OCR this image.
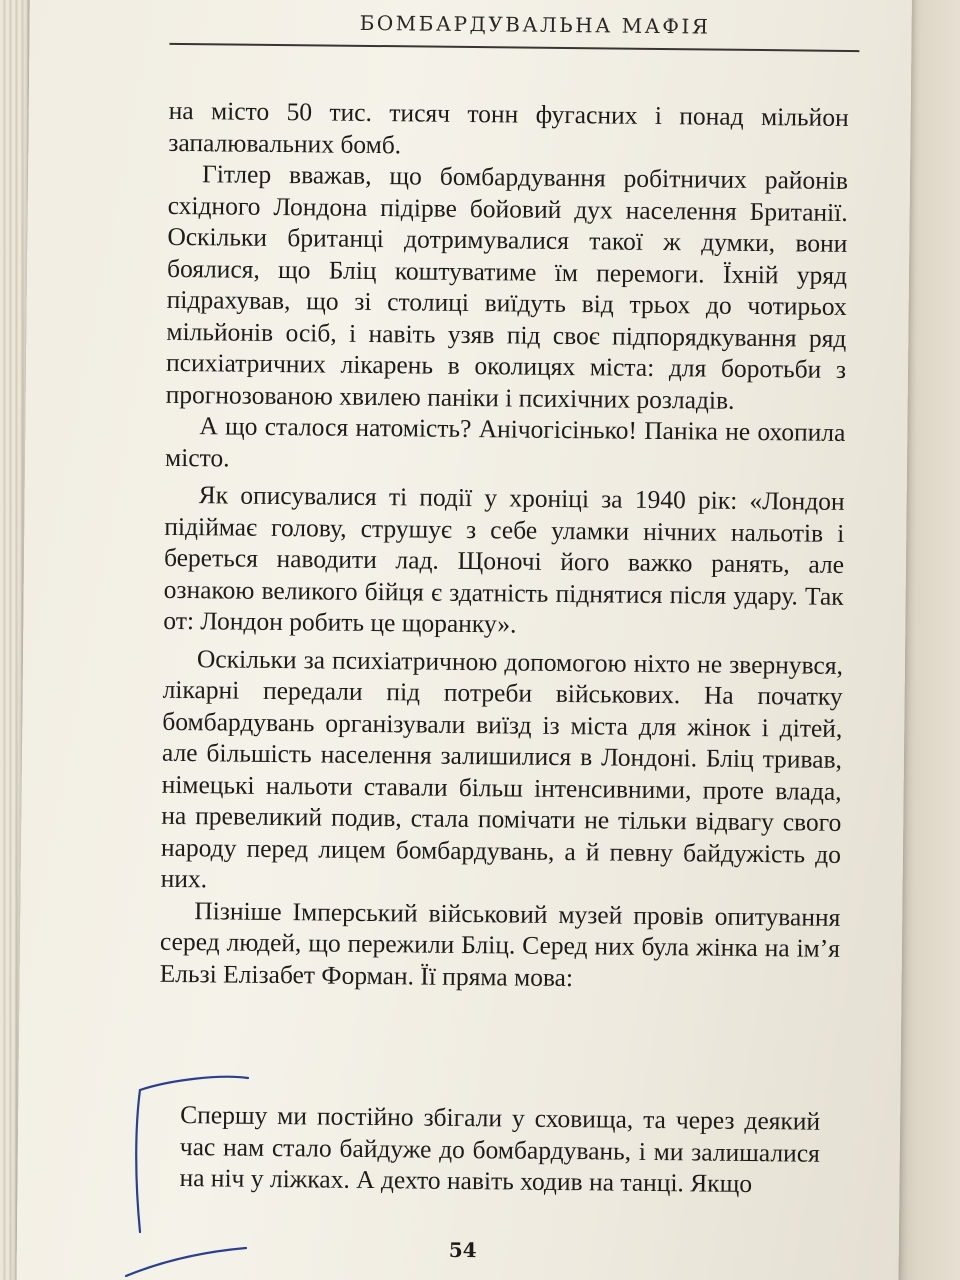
БОМБАРДУВАЛЬНА МАФІЯ

на місто 50 тис. тисяч тонн фугасних і понад мільйон запалювальних бомб.

Гітлер вважав, що бомбардування робітничих районів східного Лондона підірве бойовий дух населення Британії. Оскільки британці дотримувалися такої ж думки, вони боялися, що Бліц коштуватиме їм перемоги. Їхній уряд підрахував, що зі столиці виїдуть від трьох до чотирьох мільйонів осіб, і навіть узяв під своє підпорядкування ряд психіатричних лікарень в околицях міста: для боротьби з прогнозованою хвилею паніки і психічних розладів.

А що сталося натомість? Анічогісінько! Паніка не охопила місто.

Як описувалися ті події у хроніці за 1940 рік: «Лондон підіймає голову, струшує з себе уламки нічних нальотів і береться наводити лад. Щоночі його важко ранять, але ознакою великого бійця є здатність піднятися після удару. Так от: Лондон робить це щоранку».

Оскільки за психіатричною допомогою ніхто не звернувся, лікарні передали під потреби військових. На початку бомбардувань організували виїзд із міста для жінок і дітей, але більшість населення залишилися в Лондоні. Бліц тривав, німецькі нальоти ставали більш інтенсивними, проте влада, на превеликий подив, стала помічати не тільки відвагу свого народу перед лицем бомбардувань, а й певну байдужість до них.

Пізніше Імперський військовий музей провів опитування серед людей, що пережили Бліц. Серед них була жінка на ім’я Ельзі Елізабет Форман. Її пряма мова:

Спершу ми постійно збігали у сховища, та через деякий час нам стало байдуже до бомбардувань, і ми залишалися на ніч у ліжках. А дехто навіть ходив на танці. Якщо

54
